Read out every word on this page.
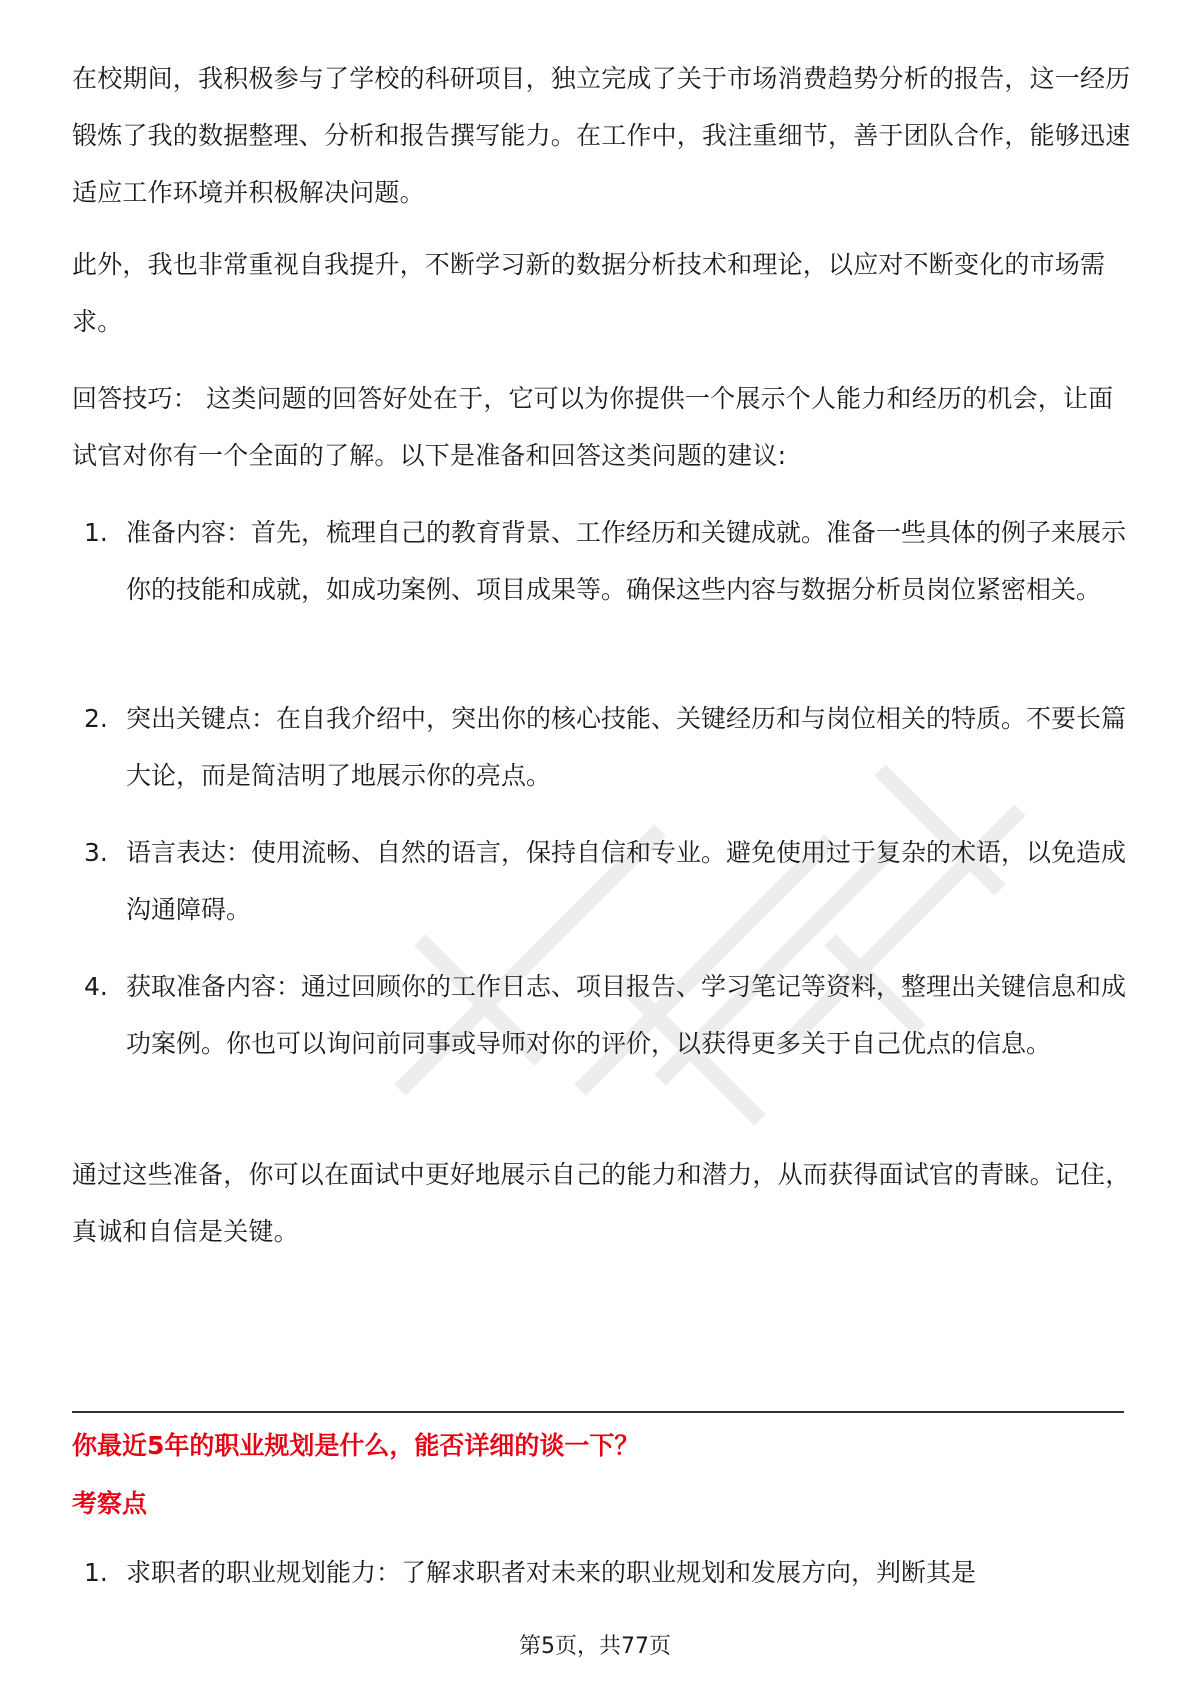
在校期间，我积极参与了学校的科研项目，独立完成了关于市场消费趋势分析的报告，这一经历锻炼了我的数据整理、分析和报告撰写能力。在工作中，我注重细节，善于团队合作，能够迅速适应工作环境并积极解决问题。

此外，我也非常重视自我提升，不断学习新的数据分析技术和理论，以应对不断变化的市场需求。

回答技巧： 这类问题的回答好处在于，它可以为你提供一个展示个人能力和经历的机会，让面试官对你有一个全面的了解。以下是准备和回答这类问题的建议:

1. 准备内容：首先，梳理自己的教育背景、工作经历和关键成就。准备一些具体的例子来展示你的技能和成就，如成功案例、项目成果等。确保这些内容与数据分析员岗位紧密相关。
2. 突出关键点：在自我介绍中，突出你的核心技能、关键经历和与岗位相关的特质。不要长篇大论，而是简洁明了地展示你的亮点。
3. 语言表达：使用流畅、自然的语言，保持自信和专业。避免使用过于复杂的术语，以免造成沟通障碍。
4. 获取准备内容：通过回顾你的工作日志、项目报告、学习笔记等资料，整理出关键信息和成功案例。你也可以询问前同事或导师对你的评价，以获得更多关于自己优点的信息。

通过这些准备，你可以在面试中更好地展示自己的能力和潜力，从而获得面试官的青睐。记住，真诚和自信是关键。

你最近5年的职业规划是什么，能否详细的谈一下？
考察点
1. 求职者的职业规划能力：了解求职者对未来的职业规划和发展方向，判断其是
第5页，共77页
